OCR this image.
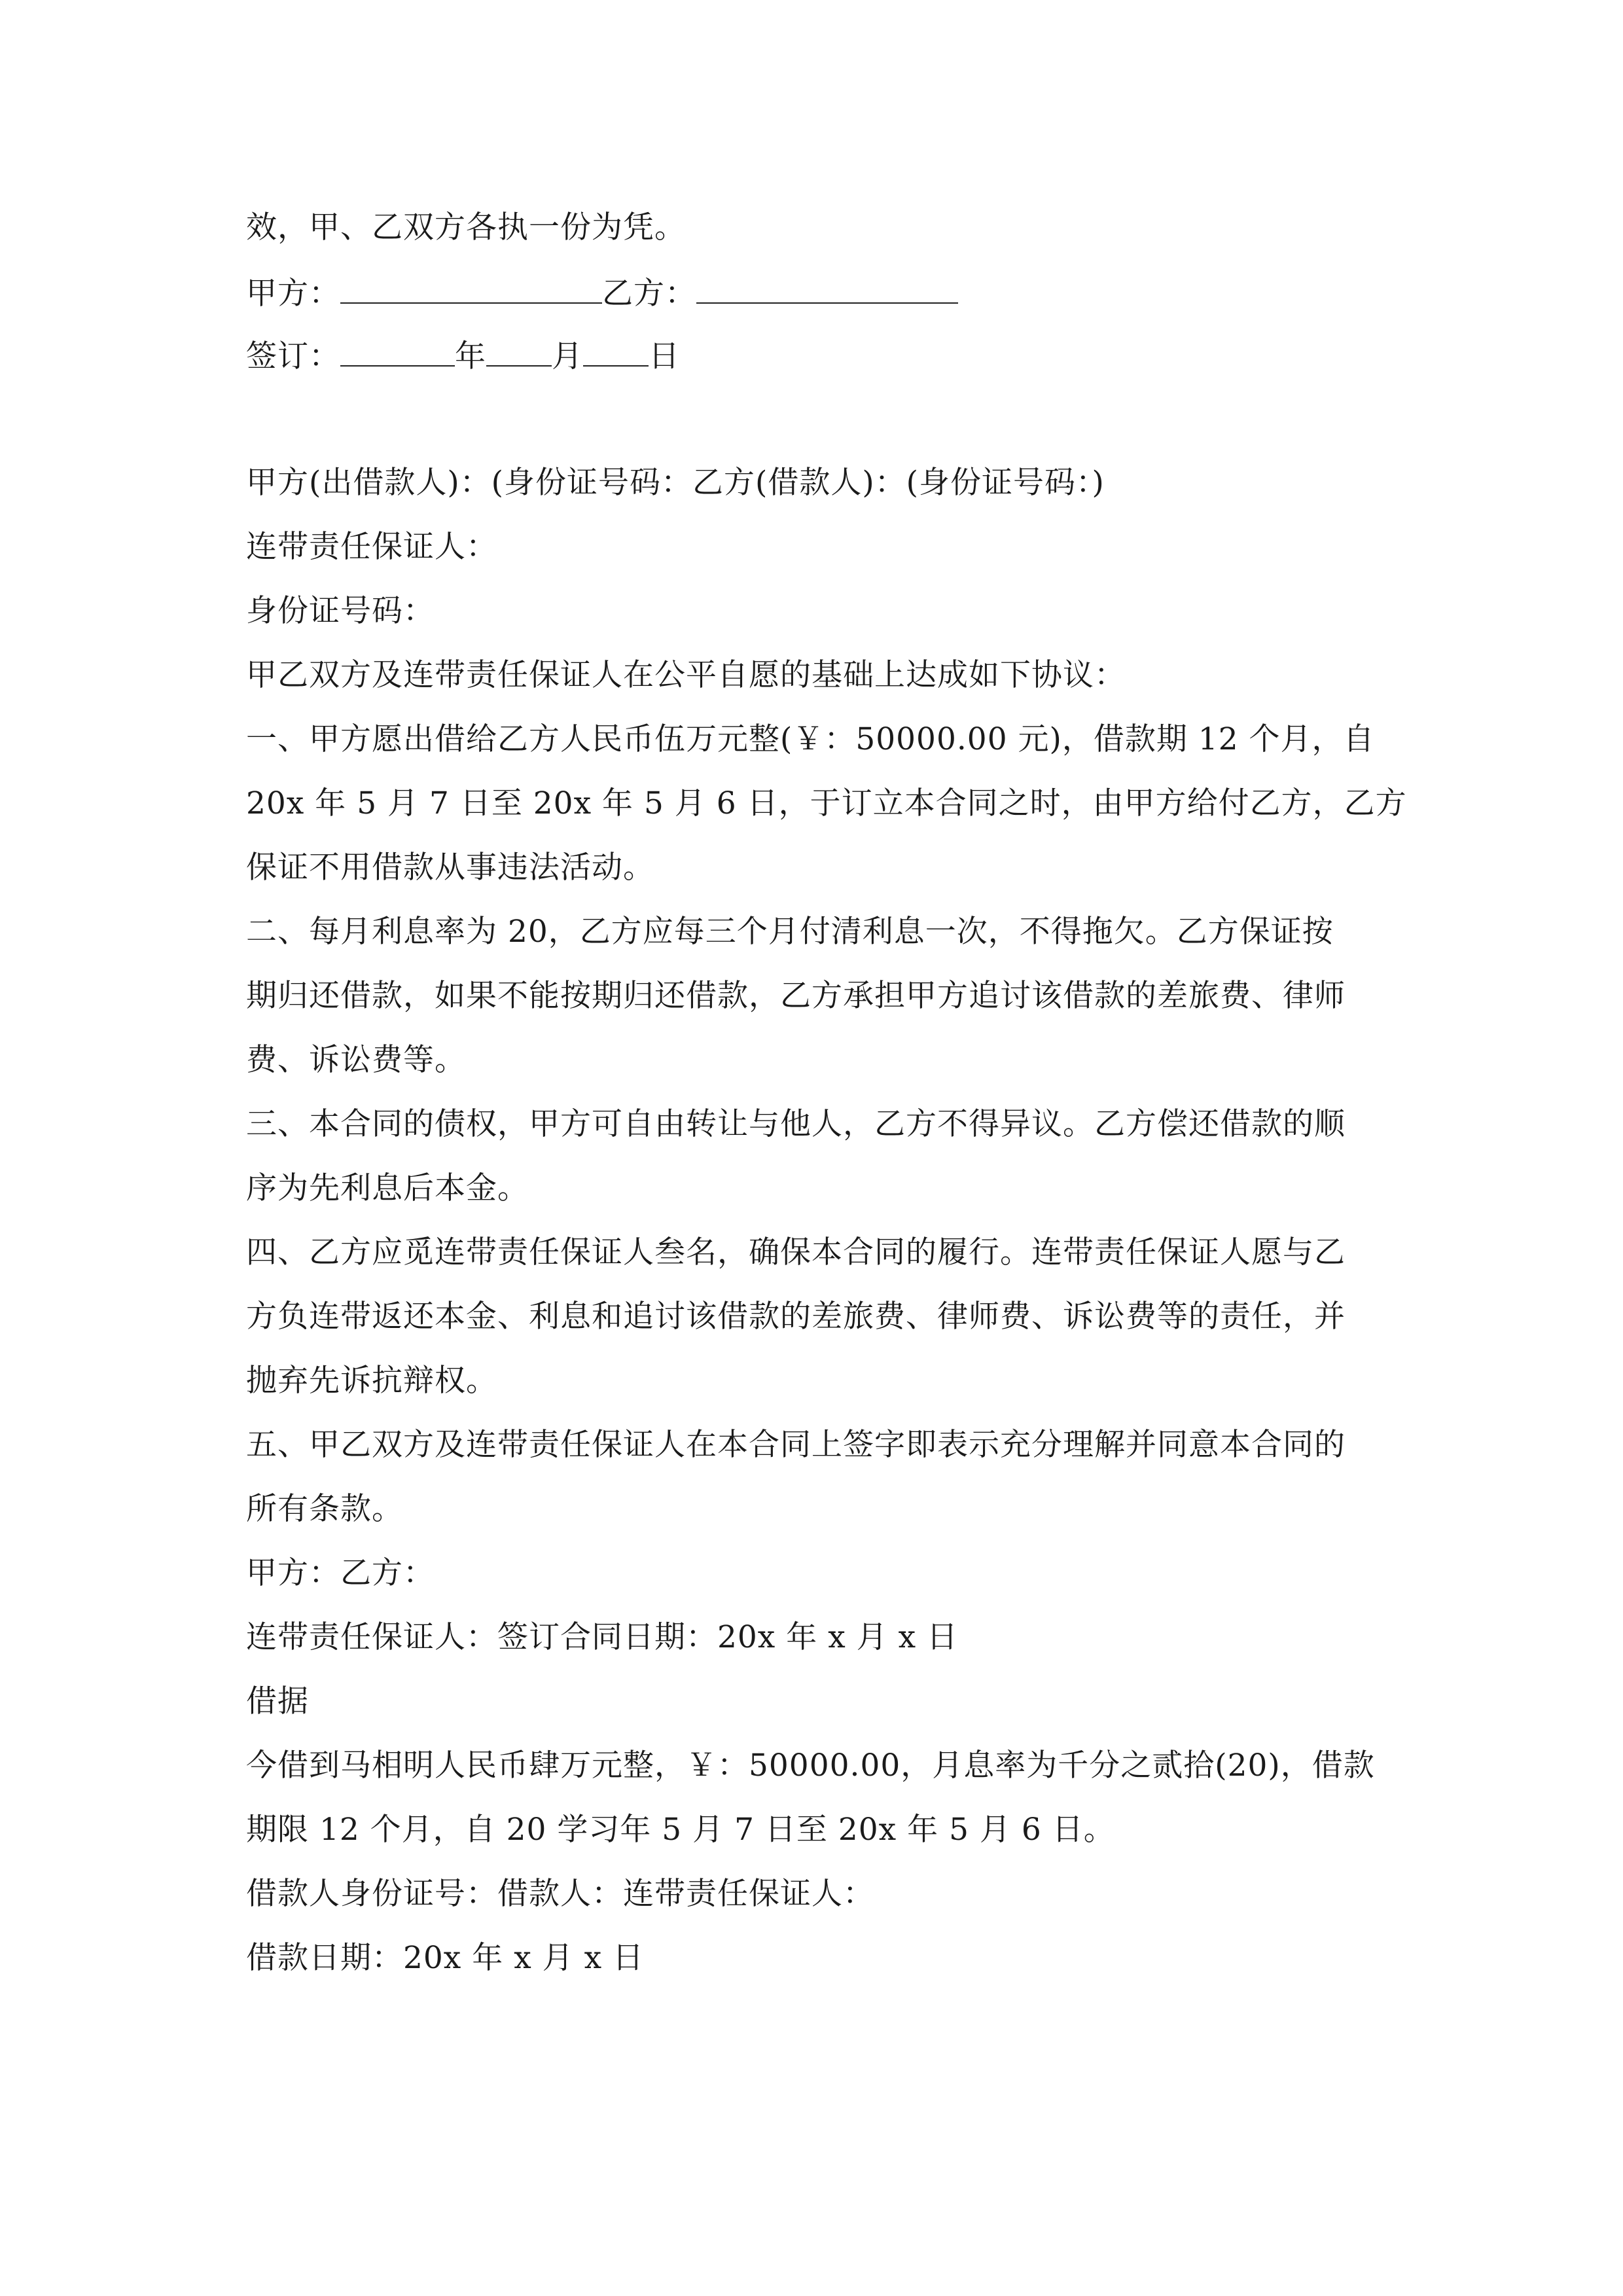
效，甲、乙双方各执一份为凭。
甲方：	乙方：
签订：	年 月 日
甲方(出借款人)：(身份证号码：乙方(借款人)：(身份证号码：)
连带责任保证人：
身份证号码：
甲乙双方及连带责任保证人在公平自愿的基础上达成如下协议：
一、甲方愿出借给乙方人民币伍万元整(￥：50000.00 元)，借款期 12 个月，自
20x 年 5 月 7 日至 20x 年 5 月 6 日，于订立本合同之时，由甲方给付乙方，乙方
保证不用借款从事违法活动。
二、每月利息率为 20，乙方应每三个月付清利息一次，不得拖欠。乙方保证按
期归还借款，如果不能按期归还借款，乙方承担甲方追讨该借款的差旅费、律师
费、诉讼费等。
三、本合同的债权，甲方可自由转让与他人，乙方不得异议。乙方偿还借款的顺
序为先利息后本金。
四、乙方应觅连带责任保证人叁名，确保本合同的履行。连带责任保证人愿与乙
方负连带返还本金、利息和追讨该借款的差旅费、律师费、诉讼费等的责任，并
抛弃先诉抗辩权。
五、甲乙双方及连带责任保证人在本合同上签字即表示充分理解并同意本合同的
所有条款。
甲方：乙方：
连带责任保证人：签订合同日期：20x 年 x 月 x 日
借据
今借到马相明人民币肆万元整，￥：50000.00，月息率为千分之贰拾(20)，借款
期限 12 个月，自 20 学习年 5 月 7 日至 20x 年 5 月 6 日。
借款人身份证号：借款人：连带责任保证人：
借款日期：20x 年 x 月 x 日
